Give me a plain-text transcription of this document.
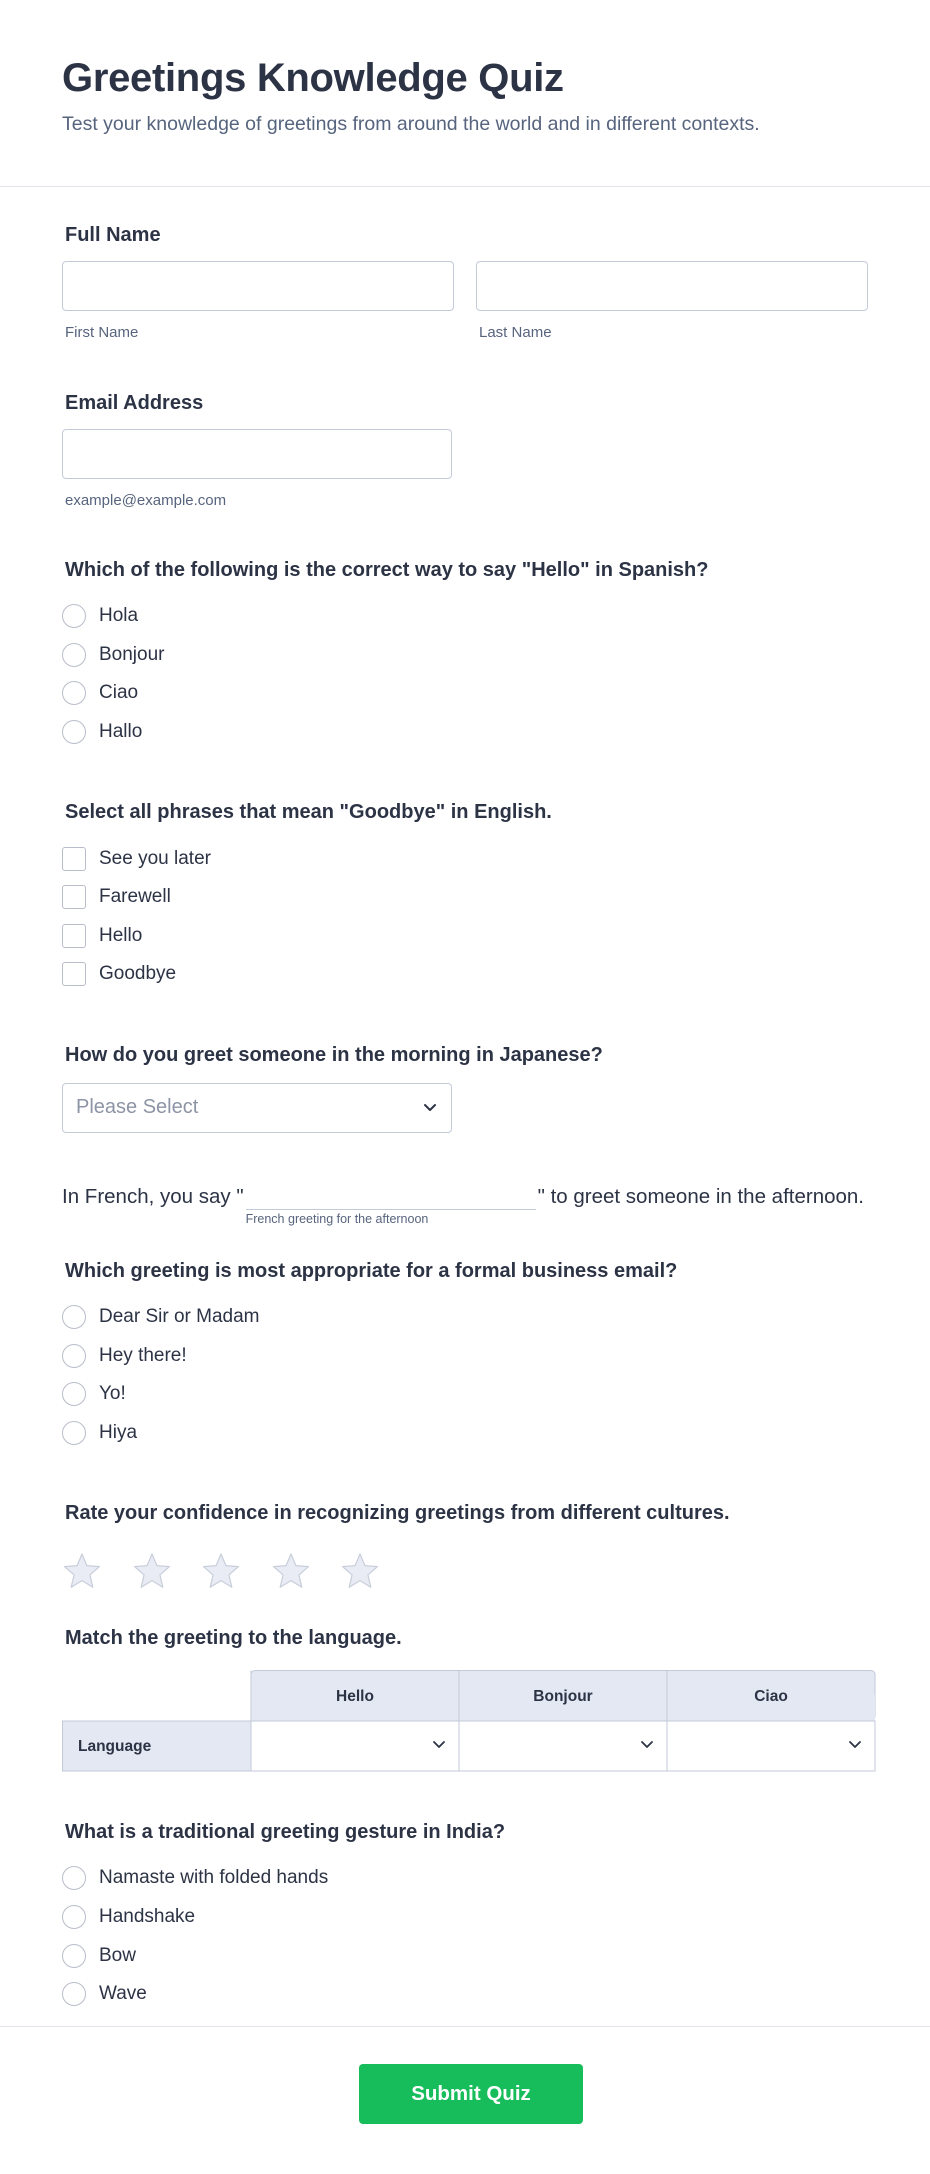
Greetings Knowledge Quiz

Test your knowledge of greetings from around the world and in different contexts.

Full Name
First Name	Last Name
Email Address
example@example.com
Which of the following is the correct way to say "Hello" in Spanish?
Hola
Bonjour
Ciao
Hallo
Select all phrases that mean "Goodbye" in English.
See you later
Farewell
Hello
Goodbye
How do you greet someone in the morning in Japanese?
Please Select
In French, you say "
French greeting for the afternoon
" to greet someone in the afternoon.
Which greeting is most appropriate for a formal business email?
Dear Sir or Madam
Hey there!
Yo!
Hiya
Rate your confidence in recognizing greetings from different cultures.
Match the greeting to the language.
Hello	Bonjour	Ciao
Language
What is a traditional greeting gesture in India?
Namaste with folded hands
Handshake
Bow
Wave
Submit Quiz
